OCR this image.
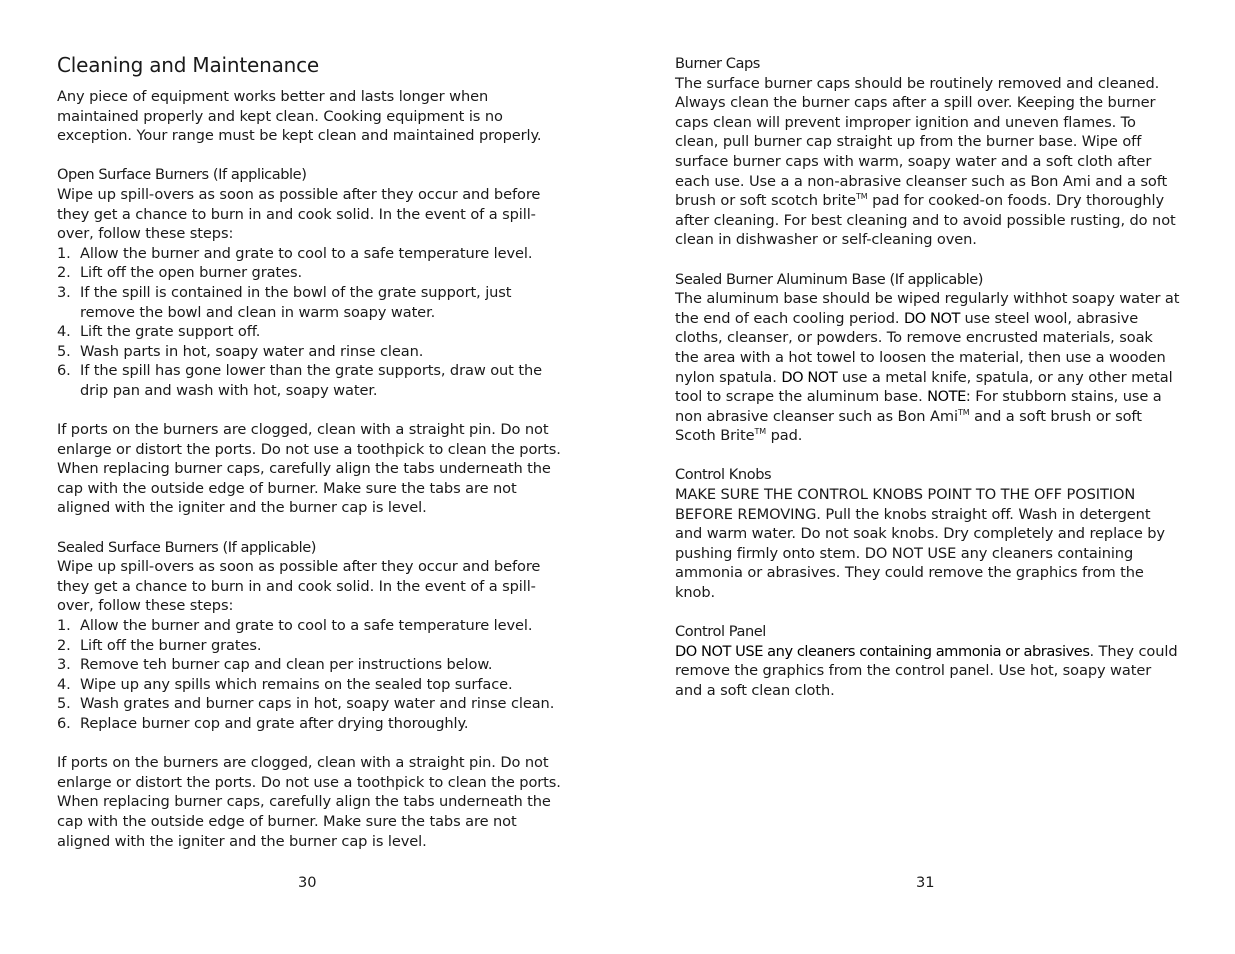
Cleaning and Maintenance

Any piece of equipment works better and lasts longer when maintained properly and kept clean. Cooking equipment is no exception. Your range must be kept clean and maintained properly.

Open Surface Burners (If applicable)

Wipe up spill-overs as soon as possible after they occur and before they get a chance to burn in and cook solid. In the event of a spill-over, follow these steps:

1. Allow the burner and grate to cool to a safe temperature level.
2. Lift off the open burner grates.
3. If the spill is contained in the bowl of the grate support, just remove the bowl and clean in warm soapy water.
4. Lift the grate support off.
5. Wash parts in hot, soapy water and rinse clean.
6. If the spill has gone lower than the grate supports, draw out the drip pan and wash with hot, soapy water.

If ports on the burners are clogged, clean with a straight pin. Do not enlarge or distort the ports. Do not use a toothpick to clean the ports. When replacing burner caps, carefully align the tabs underneath the cap with the outside edge of burner. Make sure the tabs are not aligned with the igniter and the burner cap is level.

Sealed Surface Burners (If applicable)

Wipe up spill-overs as soon as possible after they occur and before they get a chance to burn in and cook solid. In the event of a spill-over, follow these steps:

1. Allow the burner and grate to cool to a safe temperature level.
2. Lift off the burner grates.
3. Remove teh burner cap and clean per instructions below.
4. Wipe up any spills which remains on the sealed top surface.
5. Wash grates and burner caps in hot, soapy water and rinse clean.
6. Replace burner cop and grate after drying thoroughly.

If ports on the burners are clogged, clean with a straight pin. Do not enlarge or distort the ports. Do not use a toothpick to clean the ports. When replacing burner caps, carefully align the tabs underneath the cap with the outside edge of burner. Make sure the tabs are not aligned with the igniter and the burner cap is level.

30
Burner Caps

The surface burner caps should be routinely removed and cleaned. Always clean the burner caps after a spill over. Keeping the burner caps clean will prevent improper ignition and uneven flames. To clean, pull burner cap straight up from the burner base. Wipe off surface burner caps with warm, soapy water and a soft cloth after each use. Use a a non-abrasive cleanser such as Bon Ami and a soft brush or soft scotch brite™ pad for cooked-on foods. Dry thoroughly after cleaning. For best cleaning and to avoid possible rusting, do not clean in dishwasher or self-cleaning oven.

Sealed Burner Aluminum Base (If applicable)

The aluminum base should be wiped regularly withhot soapy water at the end of each cooling period. DO NOT use steel wool, abrasive cloths, cleanser, or powders. To remove encrusted materials, soak the area with a hot towel to loosen the material, then use a wooden nylon spatula. DO NOT use a metal knife, spatula, or any other metal tool to scrape the aluminum base. NOTE: For stubborn stains, use a non abrasive cleanser such as Bon Ami™ and a soft brush or soft Scoth Brite™ pad.

Control Knobs

MAKE SURE THE CONTROL KNOBS POINT TO THE OFF POSITION BEFORE REMOVING. Pull the knobs straight off. Wash in detergent and warm water. Do not soak knobs. Dry completely and replace by pushing firmly onto stem. DO NOT USE any cleaners containing ammonia or abrasives. They could remove the graphics from the knob.

Control Panel

DO NOT USE any cleaners containing ammonia or abrasives. They could remove the graphics from the control panel. Use hot, soapy water and a soft clean cloth.

31
